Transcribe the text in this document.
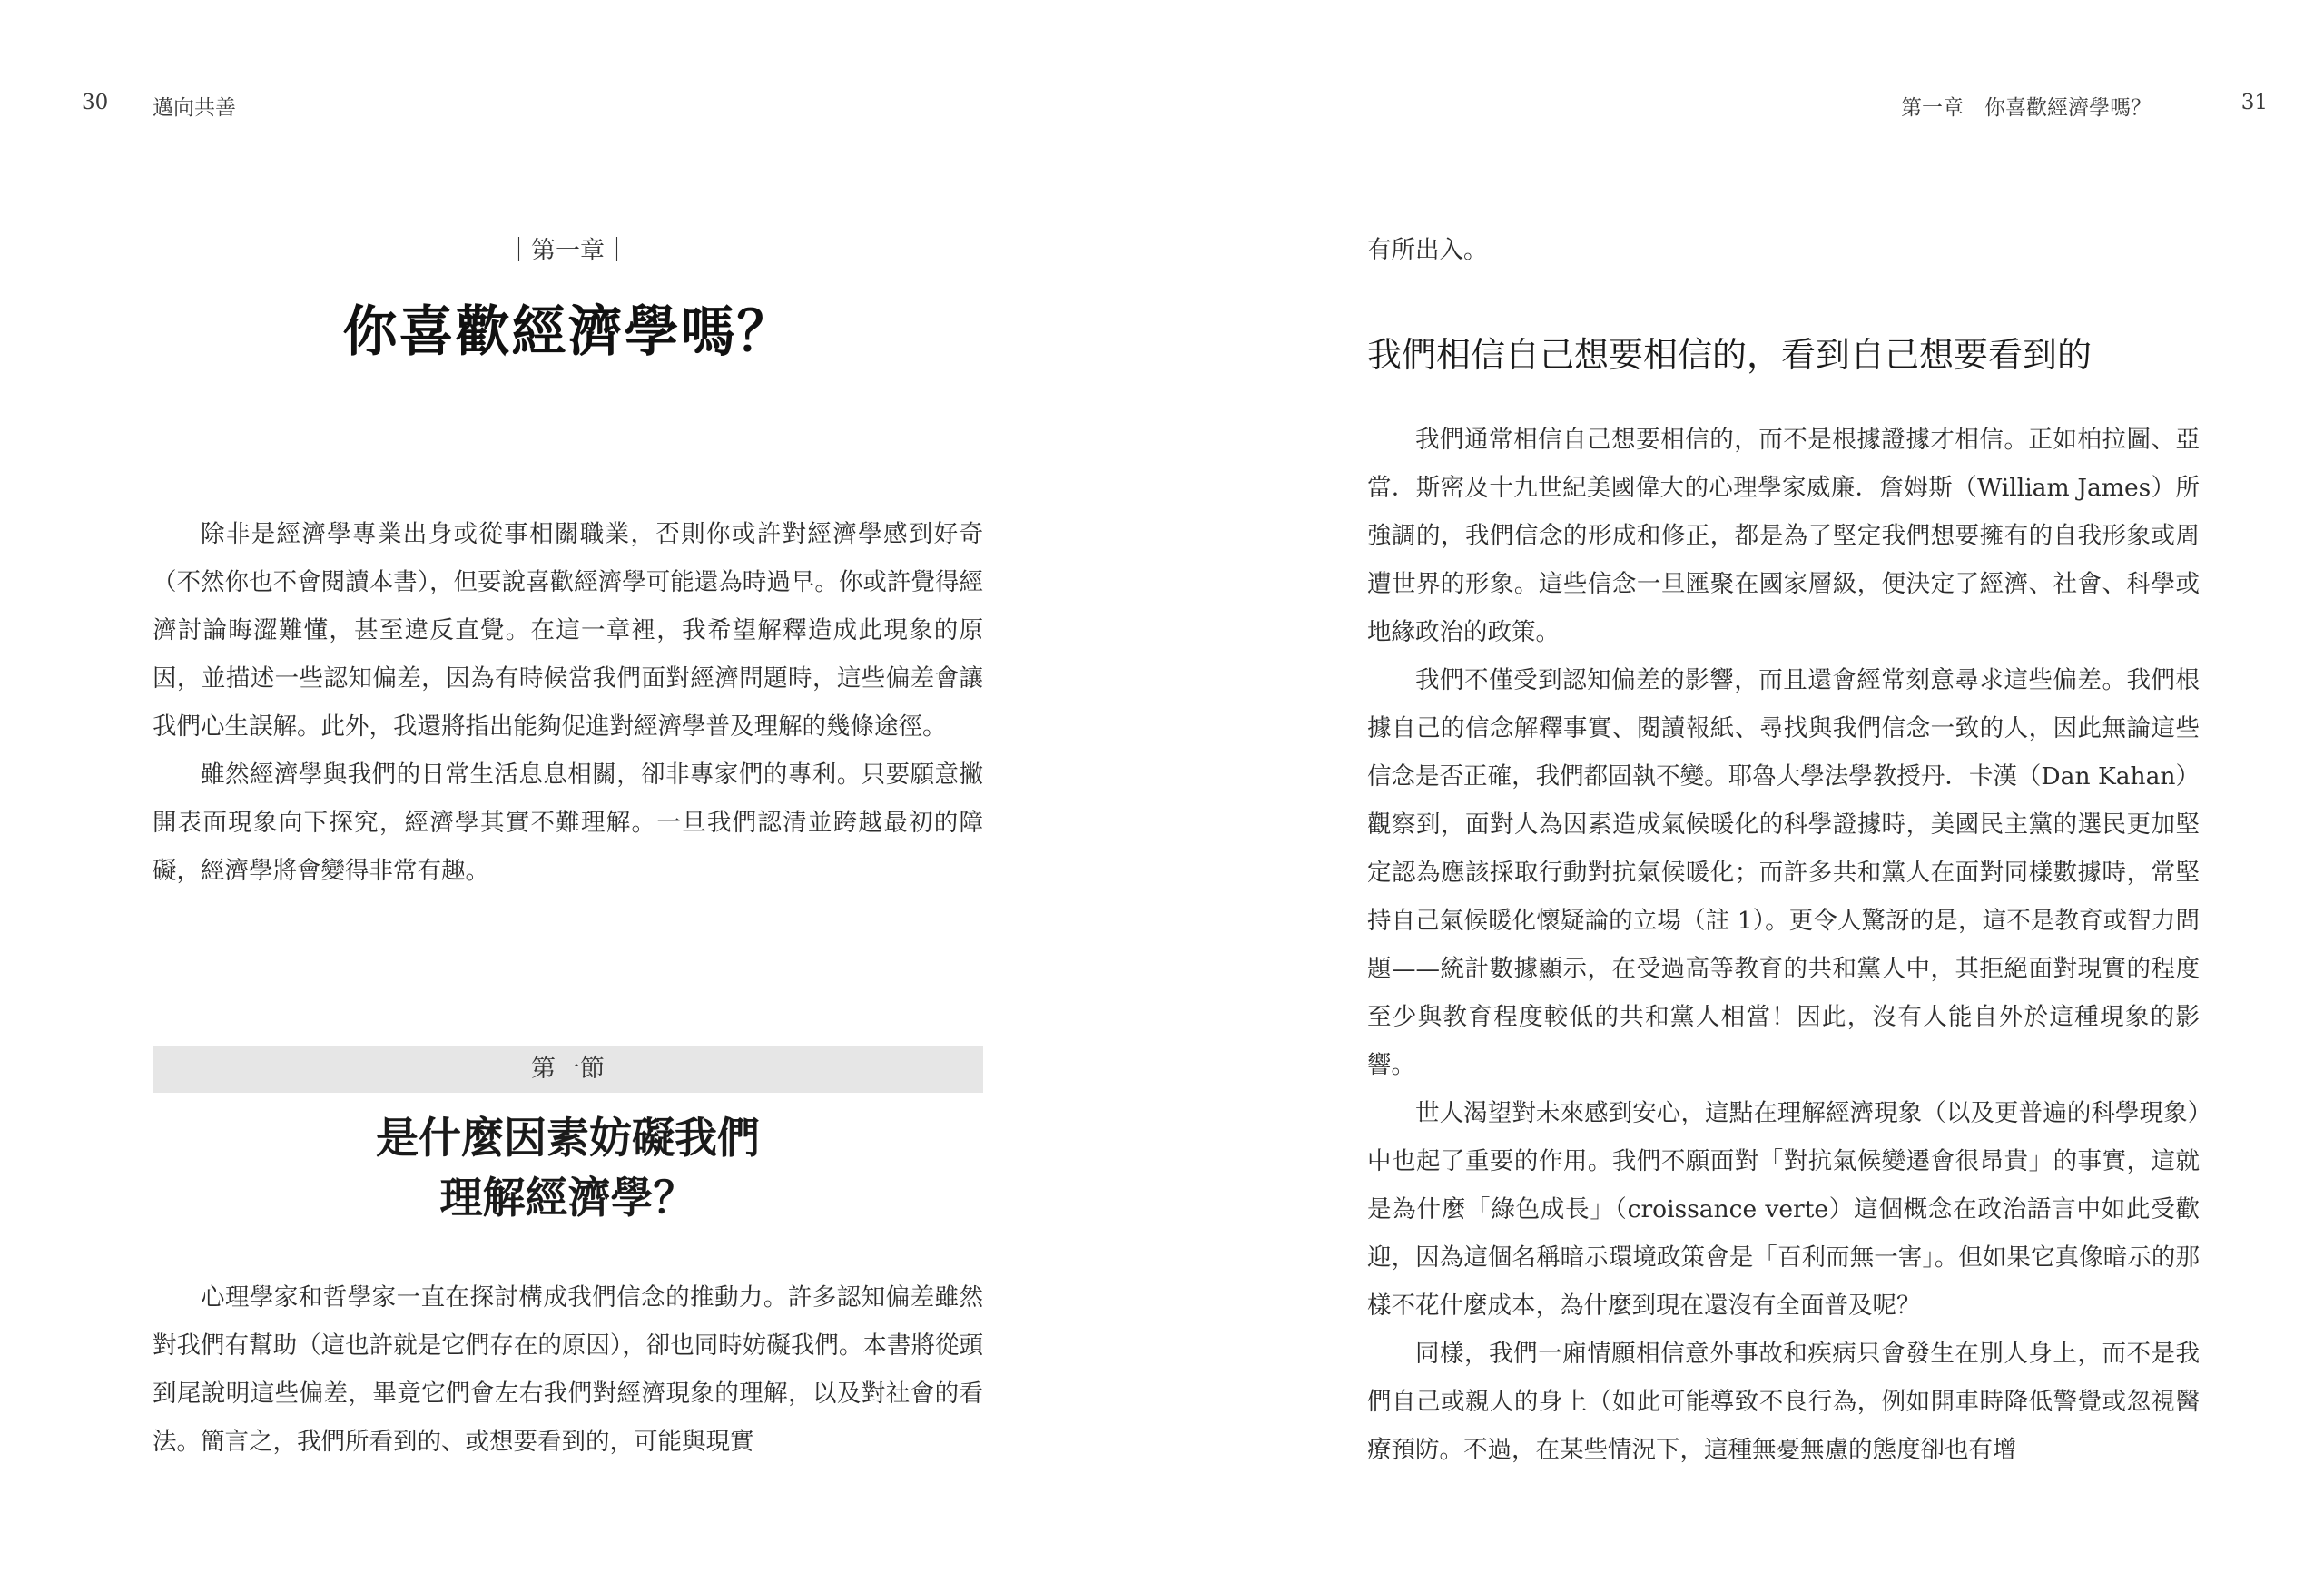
30 邁向共善
｜第一章｜
你喜歡經濟學嗎？

除非是經濟學專業出身或從事相關職業，否則你或許對經濟學感到好奇（不然你也不會閱讀本書），但要說喜歡經濟學可能還為時過早。你或許覺得經濟討論晦澀難懂，甚至違反直覺。在這一章裡，我希望解釋造成此現象的原因，並描述一些認知偏差，因為有時候當我們面對經濟問題時，這些偏差會讓我們心生誤解。此外，我還將指出能夠促進對經濟學普及理解的幾條途徑。

雖然經濟學與我們的日常生活息息相關，卻非專家們的專利。只要願意撇開表面現象向下探究，經濟學其實不難理解。一旦我們認清並跨越最初的障礙，經濟學將會變得非常有趣。

第一節
是什麼因素妨礙我們
理解經濟學？

心理學家和哲學家一直在探討構成我們信念的推動力。許多認知偏差雖然對我們有幫助（這也許就是它們存在的原因），卻也同時妨礙我們。本書將從頭到尾說明這些偏差，畢竟它們會左右我們對經濟現象的理解，以及對社會的看法。簡言之，我們所看到的、或想要看到的，可能與現實

第一章｜你喜歡經濟學嗎？	31

有所出入。

我們相信自己想要相信的，看到自己想要看到的

我們通常相信自己想要相信的，而不是根據證據才相信。正如柏拉圖、亞當．斯密及十九世紀美國偉大的心理學家威廉．詹姆斯（William James）所強調的，我們信念的形成和修正，都是為了堅定我們想要擁有的自我形象或周遭世界的形象。這些信念一旦匯聚在國家層級，便決定了經濟、社會、科學或地緣政治的政策。

我們不僅受到認知偏差的影響，而且還會經常刻意尋求這些偏差。我們根據自己的信念解釋事實、閱讀報紙、尋找與我們信念一致的人，因此無論這些信念是否正確，我們都固執不變。耶魯大學法學教授丹．卡漢（Dan Kahan）觀察到，面對人為因素造成氣候暖化的科學證據時，美國民主黨的選民更加堅定認為應該採取行動對抗氣候暖化；而許多共和黨人在面對同樣數據時，常堅持自己氣候暖化懷疑論的立場（註 1）。更令人驚訝的是，這不是教育或智力問題——統計數據顯示，在受過高等教育的共和黨人中，其拒絕面對現實的程度至少與教育程度較低的共和黨人相當！因此，沒有人能自外於這種現象的影響。

世人渴望對未來感到安心，這點在理解經濟現象（以及更普遍的科學現象）中也起了重要的作用。我們不願面對「對抗氣候變遷會很昂貴」的事實，這就是為什麼「綠色成長」（croissance verte）這個概念在政治語言中如此受歡迎，因為這個名稱暗示環境政策會是「百利而無一害」。但如果它真像暗示的那樣不花什麼成本，為什麼到現在還沒有全面普及呢？

同樣，我們一廂情願相信意外事故和疾病只會發生在別人身上，而不是我們自己或親人的身上（如此可能導致不良行為，例如開車時降低警覺或忽視醫療預防。不過，在某些情況下，這種無憂無慮的態度卻也有增
